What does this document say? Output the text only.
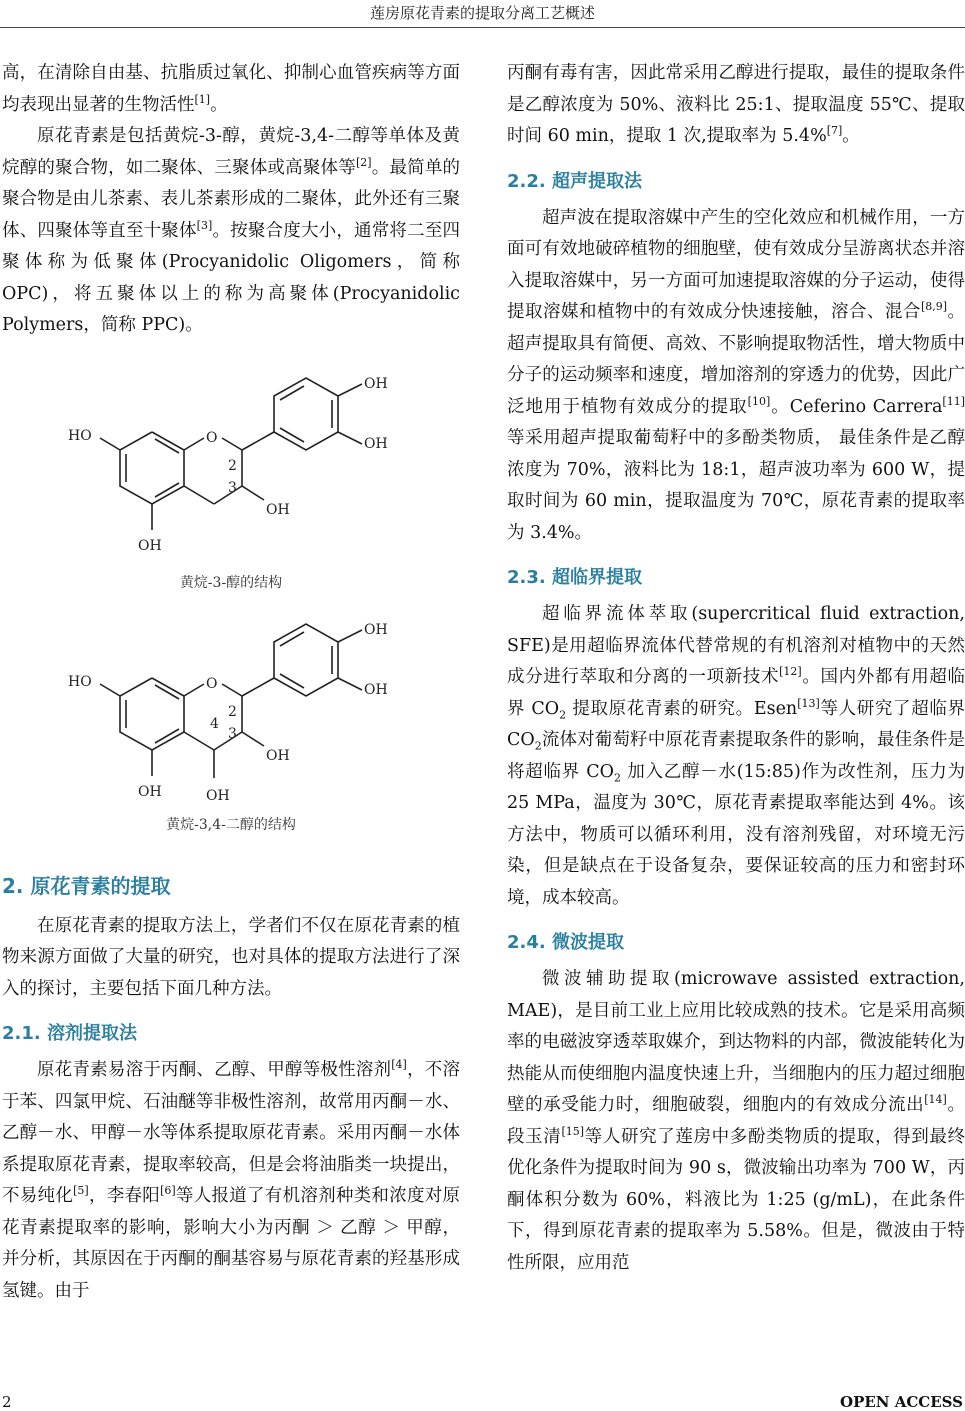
莲房原花青素的提取分离工艺概述

高，在清除自由基、抗脂质过氧化、抑制心血管疾病等方面均表现出显著的生物活性[1]。

原花青素是包括黄烷-3-醇，黄烷-3,4-二醇等单体及黄烷醇的聚合物，如二聚体、三聚体或高聚体等[2]。最简单的聚合物是由儿茶素、表儿茶素形成的二聚体，此外还有三聚体、四聚体等直至十聚体[3]。按聚合度大小，通常将二至四聚体称为低聚体(Procyanidolic Oligomers，简称 OPC)，将五聚体以上的称为高聚体(Procyanidolic Polymers，简称 PPC)。

OH
OH
HO	O
2
3
OH
OH
黄烷-3-醇的结构
OH
OH
HO	O
2
3
4
OH
OH	OH
黄烷-3,4-二醇的结构
2. 原花青素的提取

在原花青素的提取方法上，学者们不仅在原花青素的植物来源方面做了大量的研究，也对具体的提取方法进行了深入的探讨，主要包括下面几种方法。

2.1. 溶剂提取法

原花青素易溶于丙酮、乙醇、甲醇等极性溶剂[4]，不溶于苯、四氯甲烷、石油醚等非极性溶剂，故常用丙酮－水、乙醇－水、甲醇－水等体系提取原花青素。采用丙酮－水体系提取原花青素，提取率较高，但是会将油脂类一块提出，不易纯化[5]，李春阳[6]等人报道了有机溶剂种类和浓度对原花青素提取率的影响，影响大小为丙酮 ＞ 乙醇 ＞ 甲醇，并分析，其原因在于丙酮的酮基容易与原花青素的羟基形成氢键。由于

丙酮有毒有害，因此常采用乙醇进行提取，最佳的提取条件是乙醇浓度为 50%、液料比 25:1、提取温度 55℃、提取时间 60 min，提取 1 次,提取率为 5.4%[7]。

2.2. 超声提取法

超声波在提取溶媒中产生的空化效应和机械作用，一方面可有效地破碎植物的细胞壁，使有效成分呈游离状态并溶入提取溶媒中，另一方面可加速提取溶媒的分子运动，使得提取溶媒和植物中的有效成分快速接触，溶合、混合[8,9]。超声提取具有简便、高效、不影响提取物活性，增大物质中分子的运动频率和速度，增加溶剂的穿透力的优势，因此广泛地用于植物有效成分的提取[10]。Ceferino Carrera[11]等采用超声提取葡萄籽中的多酚类物质， 最佳条件是乙醇浓度为 70%，液料比为 18:1，超声波功率为 600 W，提取时间为 60 min，提取温度为 70℃，原花青素的提取率为 3.4%。

2.3. 超临界提取

超临界流体萃取(supercritical fluid extraction, SFE)是用超临界流体代替常规的有机溶剂对植物中的天然成分进行萃取和分离的一项新技术[12]。国内外都有用超临界 $CO_2$ 提取原花青素的研究。Esen[13]等人研究了超临界$CO_2$流体对葡萄籽中原花青素提取条件的影响，最佳条件是将超临界 $CO_2$ 加入乙醇－水(15:85)作为改性剂，压力为 25 MPa，温度为 30℃，原花青素提取率能达到 4%。该方法中，物质可以循环利用，没有溶剂残留，对环境无污染，但是缺点在于设备复杂，要保证较高的压力和密封环境，成本较高。

2.4. 微波提取

微波辅助提取(microwave assisted extraction, MAE)，是目前工业上应用比较成熟的技术。它是采用高频率的电磁波穿透萃取媒介，到达物料的内部，微波能转化为热能从而使细胞内温度快速上升，当细胞内的压力超过细胞壁的承受能力时，细胞破裂，细胞内的有效成分流出[14]。段玉清[15]等人研究了莲房中多酚类物质的提取，得到最终优化条件为提取时间为 90 s，微波输出功率为 700 W，丙酮体积分数为 60%，料液比为 1:25 (g/mL)，在此条件下，得到原花青素的提取率为 5.58%。但是，微波由于特性所限，应用范

2	OPEN ACCESS
